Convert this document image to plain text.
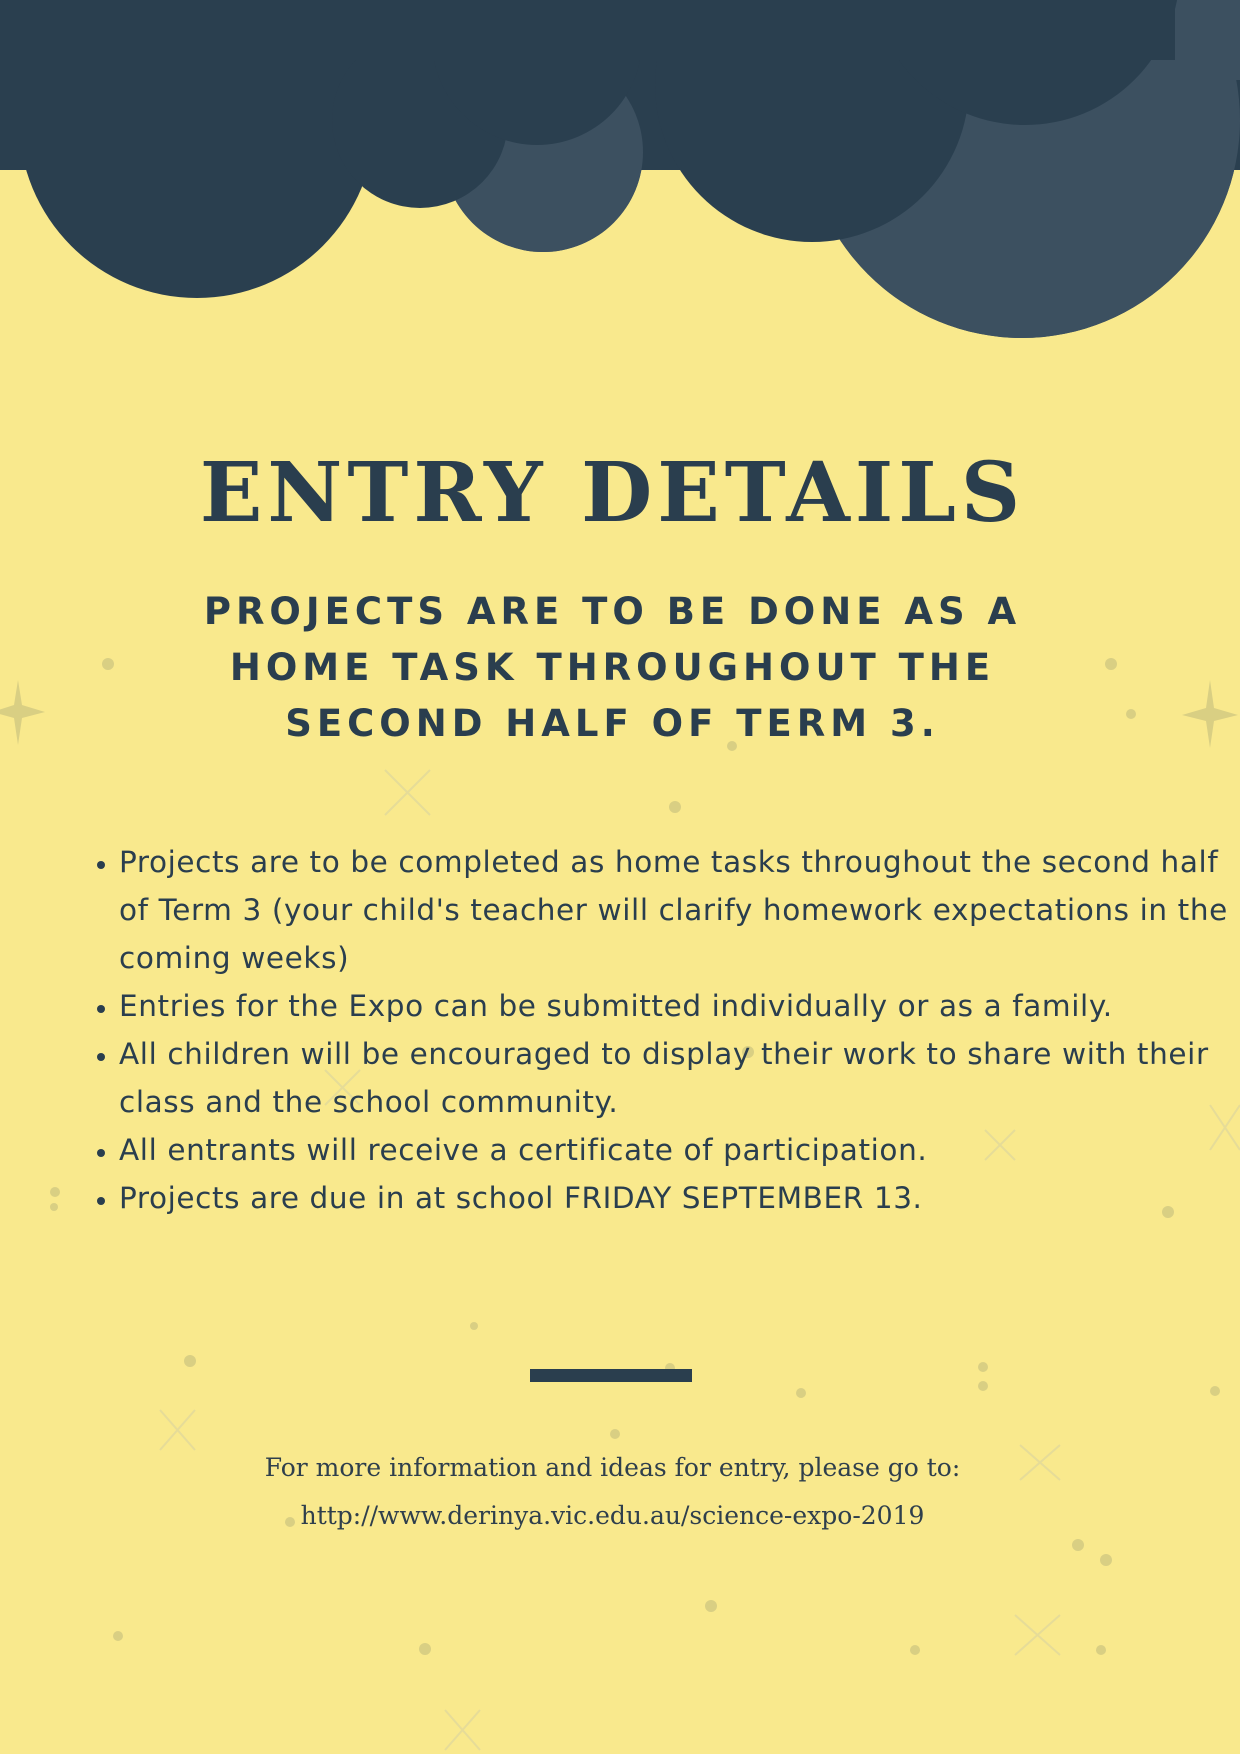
ENTRY DETAILS
PROJECTS ARE TO BE DONE AS A
HOME TASK THROUGHOUT THE
SECOND HALF OF TERM 3.
• Projects are to be completed as home tasks throughout the second half of Term 3 (your child's teacher will clarify homework expectations in the coming weeks)
• Entries for the Expo can be submitted individually or as a family.
• All children will be encouraged to display their work to share with their class and the school community.
• All entrants will receive a certificate of participation.
• Projects are due in at school FRIDAY SEPTEMBER 13.
For more information and ideas for entry, please go to:
http://www.derinya.vic.edu.au/science-expo-2019
